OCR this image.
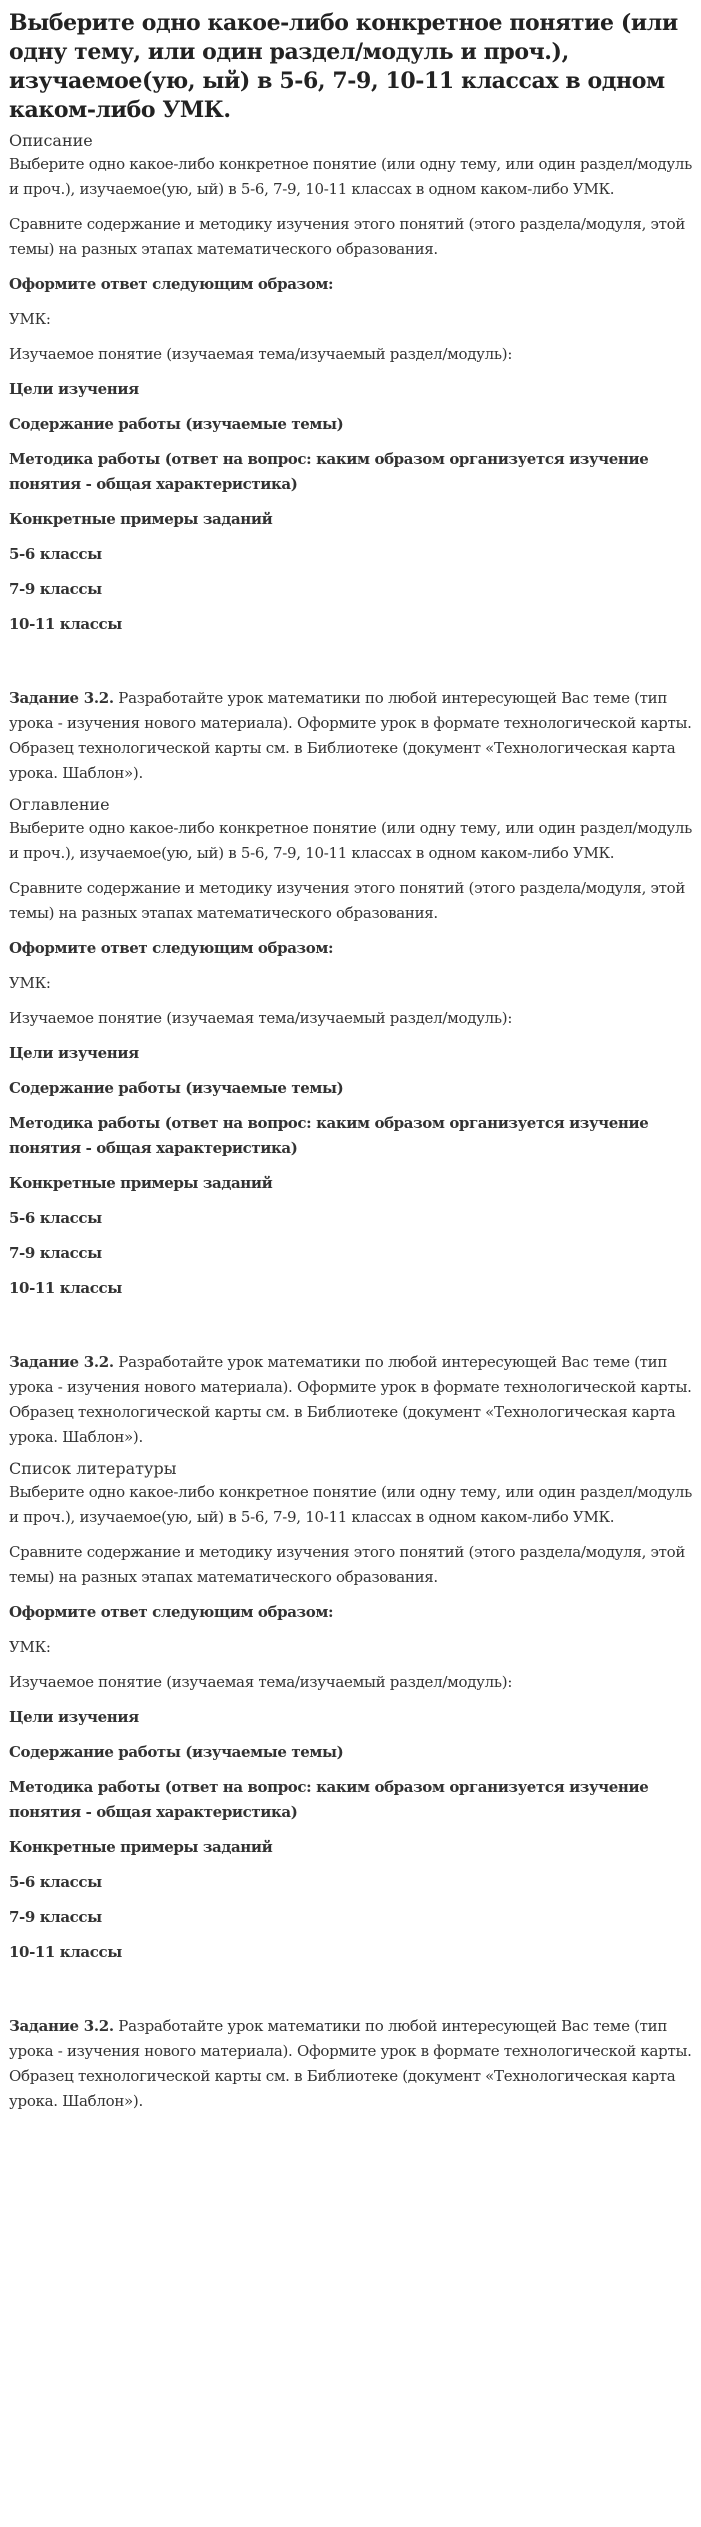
Выберите одно какое-либо конкретное понятие (или одну тему, или один раздел/модуль и проч.), изучаемое(ую, ый) в 5-6, 7-9, 10-11 классах в одном каком-либо УМК.
Описание

Выберите одно какое-либо конкретное понятие (или одну тему, или один раздел/модуль и проч.), изучаемое(ую, ый) в 5-6, 7-9, 10-11 классах в одном каком-либо УМК.

Сравните содержание и методику изучения этого понятий (этого раздела/модуля, этой темы) на разных этапах математического образования.

Оформите ответ следующим образом:

УМК:

Изучаемое понятие (изучаемая тема/изучаемый раздел/модуль):

Цели изучения

Содержание работы (изучаемые темы)

Методика работы (ответ на вопрос: каким образом организуется изучение понятия - общая характеристика)

Конкретные примеры заданий

5-6 классы

7-9 классы

10-11 классы

Задание 3.2. Разработайте урок математики по любой интересующей Вас теме (тип урока - изучения нового материала). Оформите урок в формате технологической карты. Образец технологической карты см. в Библиотеке (документ «Технологическая карта урока. Шаблон»).

Оглавление

Выберите одно какое-либо конкретное понятие (или одну тему, или один раздел/модуль и проч.), изучаемое(ую, ый) в 5-6, 7-9, 10-11 классах в одном каком-либо УМК.

Сравните содержание и методику изучения этого понятий (этого раздела/модуля, этой темы) на разных этапах математического образования.

Оформите ответ следующим образом:

УМК:

Изучаемое понятие (изучаемая тема/изучаемый раздел/модуль):

Цели изучения

Содержание работы (изучаемые темы)

Методика работы (ответ на вопрос: каким образом организуется изучение понятия - общая характеристика)

Конкретные примеры заданий

5-6 классы

7-9 классы

10-11 классы

Задание 3.2. Разработайте урок математики по любой интересующей Вас теме (тип урока - изучения нового материала). Оформите урок в формате технологической карты. Образец технологической карты см. в Библиотеке (документ «Технологическая карта урока. Шаблон»).

Список литературы

Выберите одно какое-либо конкретное понятие (или одну тему, или один раздел/модуль и проч.), изучаемое(ую, ый) в 5-6, 7-9, 10-11 классах в одном каком-либо УМК.

Сравните содержание и методику изучения этого понятий (этого раздела/модуля, этой темы) на разных этапах математического образования.

Оформите ответ следующим образом:

УМК:

Изучаемое понятие (изучаемая тема/изучаемый раздел/модуль):

Цели изучения

Содержание работы (изучаемые темы)

Методика работы (ответ на вопрос: каким образом организуется изучение понятия - общая характеристика)

Конкретные примеры заданий

5-6 классы

7-9 классы

10-11 классы

Задание 3.2. Разработайте урок математики по любой интересующей Вас теме (тип урока - изучения нового материала). Оформите урок в формате технологической карты. Образец технологической карты см. в Библиотеке (документ «Технологическая карта урока. Шаблон»).
